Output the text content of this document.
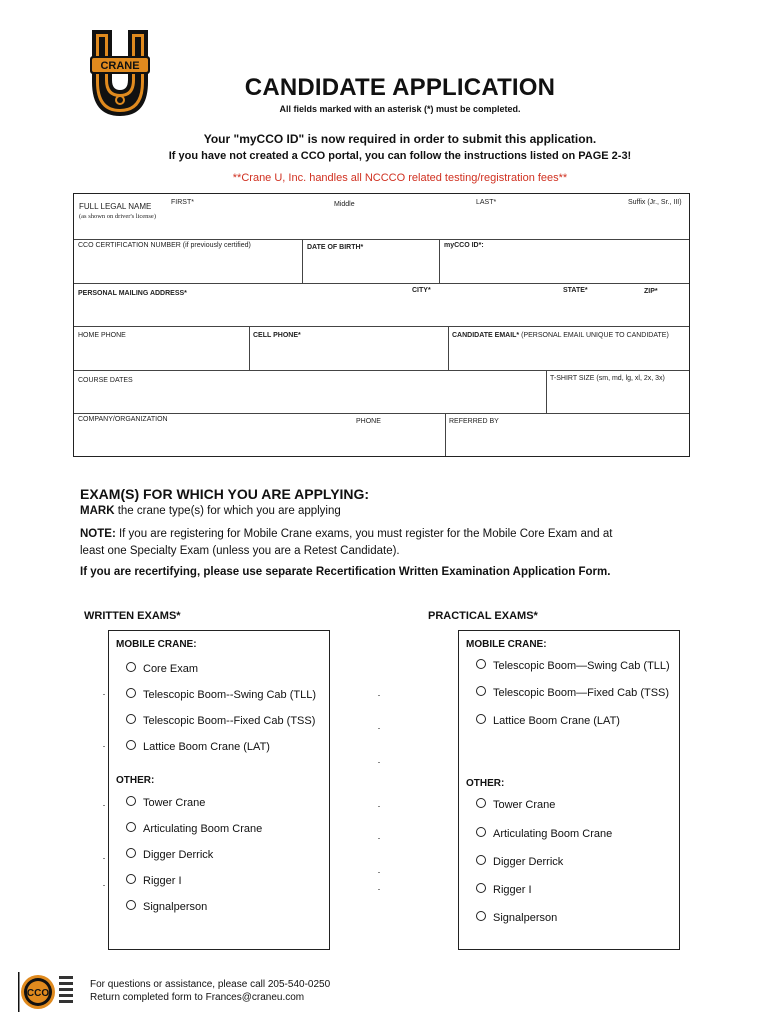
CRANE
CANDIDATE APPLICATION
All fields marked with an asterisk (*) must be completed.
Your "myCCO ID" is now required in order to submit this application.
If you have not created a CCO portal, you can follow the instructions listed on PAGE 2-3!
**Crane U, Inc. handles all NCCCO related testing/registration fees**
FULL LEGAL NAME
(as shown on driver's license)
FIRST*	Middle	LAST*	Suffix (Jr., Sr., III)
CCO CERTIFICATION NUMBER (if previously certified)	DATE OF BIRTH*	myCCO ID*:
PERSONAL MAILING ADDRESS*	CITY*	STATE*	ZIP*
HOME PHONE	CELL PHONE*	CANDIDATE EMAIL* (PERSONAL EMAIL UNIQUE TO CANDIDATE)
COURSE DATES	T-SHIRT SIZE (sm, md, lg, xl, 2x, 3x)
COMPANY/ORGANIZATION	PHONE	REFERRED BY
EXAM(S) FOR WHICH YOU ARE APPLYING:
MARK the crane type(s) for which you are applying
NOTE: If you are registering for Mobile Crane exams, you must register for the Mobile Core Exam and at
least one Specialty Exam (unless you are a Retest Candidate).
If you are recertifying, please use separate Recertification Written Examination Application Form.
WRITTEN EXAMS*	PRACTICAL EXAMS*
MOBILE CRANE:
Core Exam
Telescopic Boom--Swing Cab (TLL)
Telescopic Boom--Fixed Cab (TSS)
Lattice Boom Crane (LAT)
OTHER:
Tower Crane
Articulating Boom Crane
Digger Derrick
Rigger I
Signalperson
MOBILE CRANE:
Telescopic Boom—Swing Cab (TLL)
Telescopic Boom—Fixed Cab (TSS)
Lattice Boom Crane (LAT)
OTHER:
Tower Crane
Articulating Boom Crane
Digger Derrick
Rigger I
Signalperson
CCO
For questions or assistance, please call 205-540-0250
Return completed form to Frances@craneu.com
